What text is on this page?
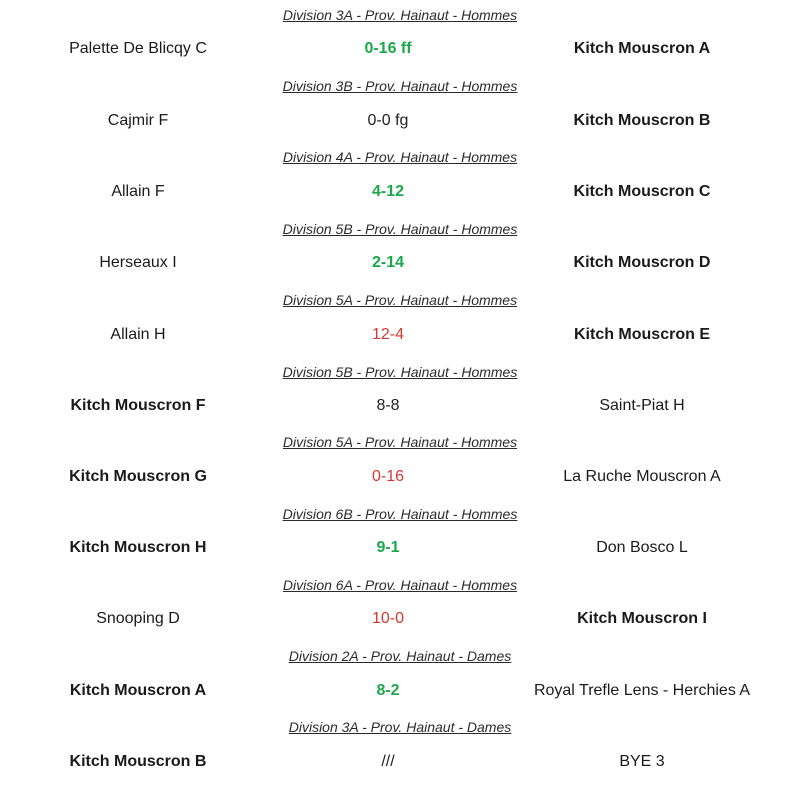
Division 3A - Prov. Hainaut - Hommes
Palette De Blicqy C	0-16 ff	Kitch Mouscron A
Division 3B - Prov. Hainaut - Hommes
Cajmir F	0-0 fg	Kitch Mouscron B
Division 4A - Prov. Hainaut - Hommes
Allain F	4-12	Kitch Mouscron C
Division 5B - Prov. Hainaut - Hommes
Herseaux I	2-14	Kitch Mouscron D
Division 5A - Prov. Hainaut - Hommes
Allain H	12-4	Kitch Mouscron E
Division 5B - Prov. Hainaut - Hommes
Kitch Mouscron F	8-8	Saint-Piat H
Division 5A - Prov. Hainaut - Hommes
Kitch Mouscron G	0-16	La Ruche Mouscron A
Division 6B - Prov. Hainaut - Hommes
Kitch Mouscron H	9-1	Don Bosco L
Division 6A - Prov. Hainaut - Hommes
Snooping D	10-0	Kitch Mouscron I
Division 2A - Prov. Hainaut - Dames
Kitch Mouscron A	8-2	Royal Trefle Lens - Herchies A
Division 3A - Prov. Hainaut - Dames
Kitch Mouscron B	///	BYE 3
